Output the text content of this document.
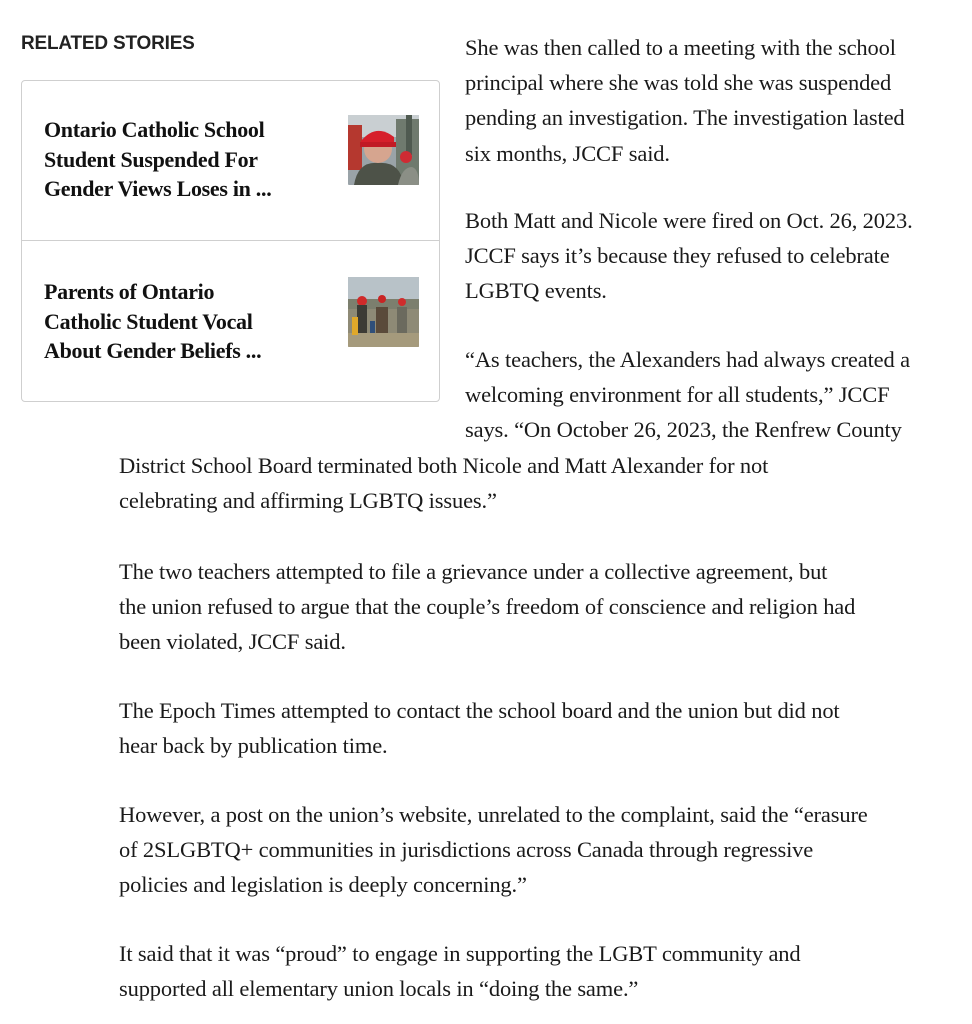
RELATED STORIES
Ontario Catholic School
Student Suspended For
Gender Views Loses in ...
Parents of Ontario
Catholic Student Vocal
About Gender Beliefs ...
She was then called to a meeting with the school
principal where she was told she was suspended
pending an investigation. The investigation lasted
six months, JCCF said.
Both Matt and Nicole were fired on Oct. 26, 2023.
JCCF says it’s because they refused to celebrate
LGBTQ events.
“As teachers, the Alexanders had always created a
welcoming environment for all students,” JCCF
says. “On October 26, 2023, the Renfrew County
District School Board terminated both Nicole and Matt Alexander for not
celebrating and affirming LGBTQ issues.”
The two teachers attempted to file a grievance under a collective agreement, but
the union refused to argue that the couple’s freedom of conscience and religion had
been violated, JCCF said.
The Epoch Times attempted to contact the school board and the union but did not
hear back by publication time.
However, a post on the union’s website, unrelated to the complaint, said the “erasure
of 2SLGBTQ+ communities in jurisdictions across Canada through regressive
policies and legislation is deeply concerning.”
It said that it was “proud” to engage in supporting the LGBT community and
supported all elementary union locals in “doing the same.”
